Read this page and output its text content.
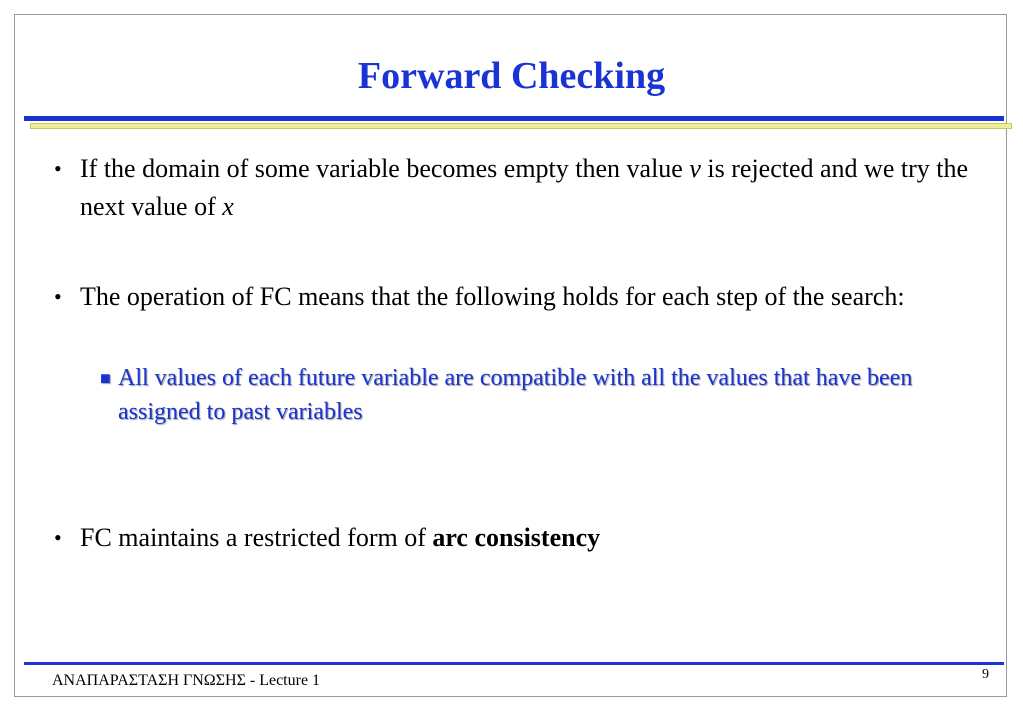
Forward Checking
• If the domain of some variable becomes empty then value v is rejected and we try the next value of x
• The operation of FC means that the following holds for each step of the search:
■ All values of each future variable are compatible with all the values that have been assigned to past variables
• FC maintains a restricted form of arc consistency
ΑΝΑΠΑΡΑΣΤΑΣΗ ΓΝΩΣΗΣ - Lecture 1	9
